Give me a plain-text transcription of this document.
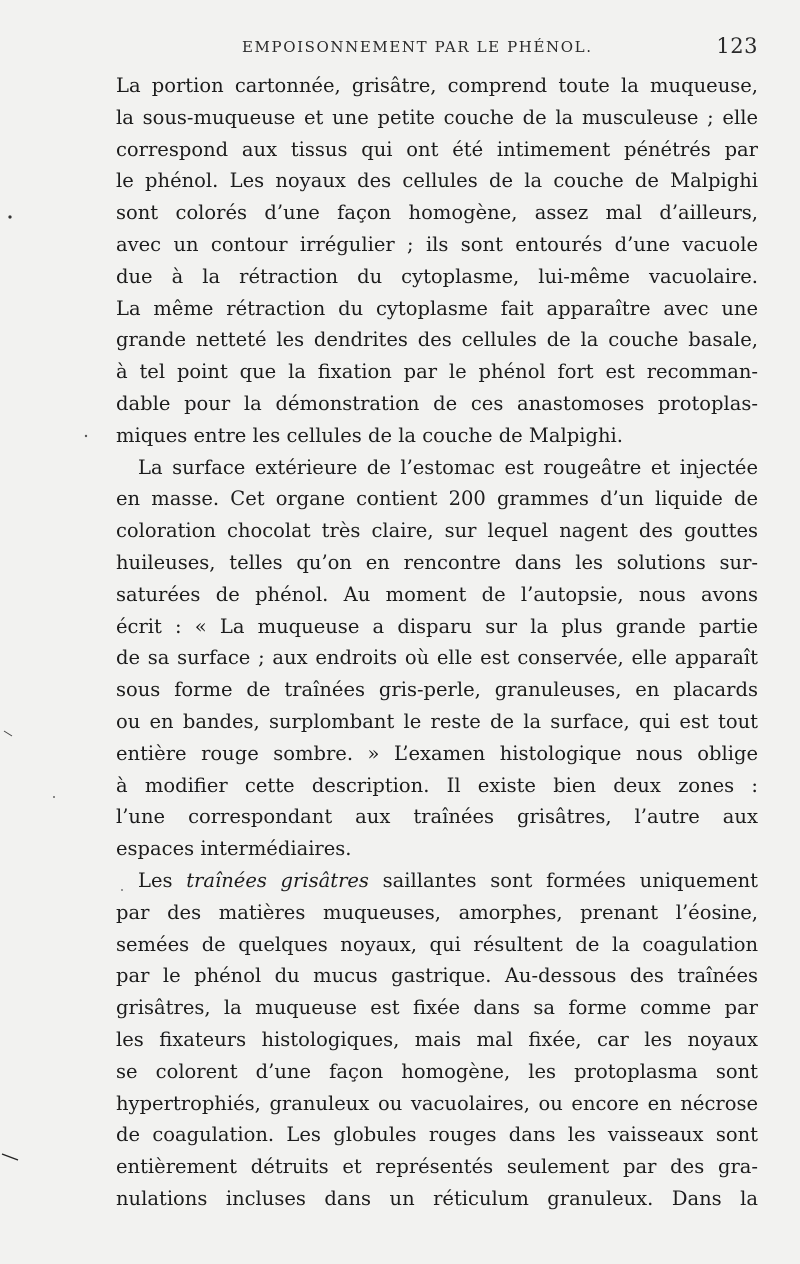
EMPOISONNEMENT PAR LE PHÉNOL.	123
La portion cartonnée, grisâtre, comprend toute la muqueuse,
la sous-muqueuse et une petite couche de la musculeuse ; elle
correspond aux tissus qui ont été intimement pénétrés par
le phénol. Les noyaux des cellules de la couche de Malpighi
sont colorés d’une façon homogène, assez mal d’ailleurs,
avec un contour irrégulier ; ils sont entourés d’une vacuole
due à la rétraction du cytoplasme, lui-même vacuolaire.
La même rétraction du cytoplasme fait apparaître avec une
grande netteté les dendrites des cellules de la couche basale,
à tel point que la fixation par le phénol fort est recomman-
dable pour la démonstration de ces anastomoses protoplas-
miques entre les cellules de la couche de Malpighi.
La surface extérieure de l’estomac est rougeâtre et injectée
en masse. Cet organe contient 200 grammes d’un liquide de
coloration chocolat très claire, sur lequel nagent des gouttes
huileuses, telles qu’on en rencontre dans les solutions sur-
saturées de phénol. Au moment de l’autopsie, nous avons
écrit : « La muqueuse a disparu sur la plus grande partie
de sa surface ; aux endroits où elle est conservée, elle apparaît
sous forme de traînées gris-perle, granuleuses, en placards
ou en bandes, surplombant le reste de la surface, qui est tout
entière rouge sombre. » L’examen histologique nous oblige
à modifier cette description. Il existe bien deux zones :
l’une correspondant aux traînées grisâtres, l’autre aux
espaces intermédiaires.
Les traînées grisâtres saillantes sont formées uniquement
par des matières muqueuses, amorphes, prenant l’éosine,
semées de quelques noyaux, qui résultent de la coagulation
par le phénol du mucus gastrique. Au-dessous des traînées
grisâtres, la muqueuse est fixée dans sa forme comme par
les fixateurs histologiques, mais mal fixée, car les noyaux
se colorent d’une façon homogène, les protoplasma sont
hypertrophiés, granuleux ou vacuolaires, ou encore en nécrose
de coagulation. Les globules rouges dans les vaisseaux sont
entièrement détruits et représentés seulement par des gra-
nulations incluses dans un réticulum granuleux. Dans la
